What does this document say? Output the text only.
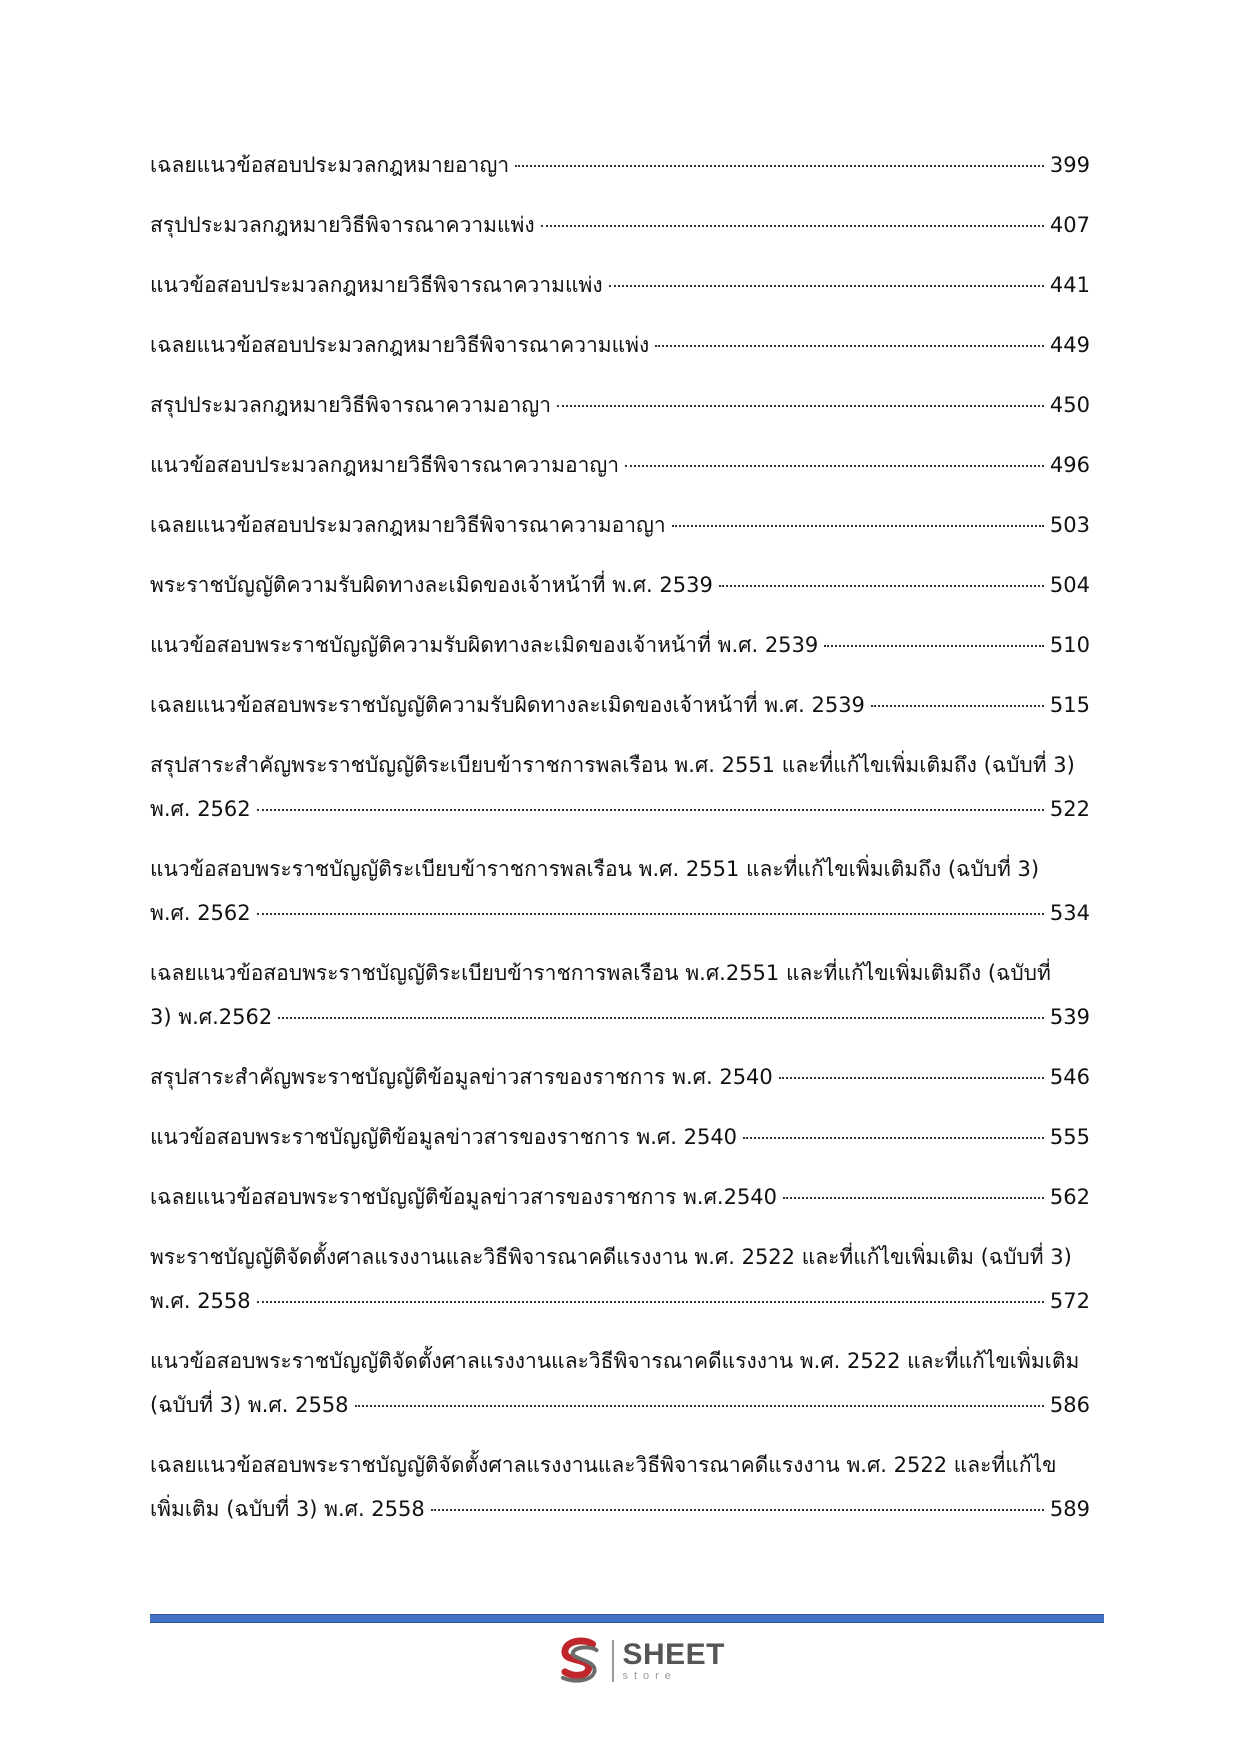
เฉลยแนวข้อสอบประมวลกฎหมายอาญา	399
สรุปประมวลกฎหมายวิธีพิจารณาความแพ่ง	407
แนวข้อสอบประมวลกฎหมายวิธีพิจารณาความแพ่ง	441
เฉลยแนวข้อสอบประมวลกฎหมายวิธีพิจารณาความแพ่ง	449
สรุปประมวลกฎหมายวิธีพิจารณาความอาญา	450
แนวข้อสอบประมวลกฎหมายวิธีพิจารณาความอาญา	496
เฉลยแนวข้อสอบประมวลกฎหมายวิธีพิจารณาความอาญา	503
พระราชบัญญัติความรับผิดทางละเมิดของเจ้าหน้าที่ พ.ศ. 2539	504
แนวข้อสอบพระราชบัญญัติความรับผิดทางละเมิดของเจ้าหน้าที่ พ.ศ. 2539	510
เฉลยแนวข้อสอบพระราชบัญญัติความรับผิดทางละเมิดของเจ้าหน้าที่ พ.ศ. 2539	515
สรุปสาระสำคัญพระราชบัญญัติระเบียบข้าราชการพลเรือน พ.ศ. 2551 และที่แก้ไขเพิ่มเติมถึง (ฉบับที่ 3)
พ.ศ. 2562	522
แนวข้อสอบพระราชบัญญัติระเบียบข้าราชการพลเรือน พ.ศ. 2551 และที่แก้ไขเพิ่มเติมถึง (ฉบับที่ 3)
พ.ศ. 2562	534
เฉลยแนวข้อสอบพระราชบัญญัติระเบียบข้าราชการพลเรือน พ.ศ.2551 และที่แก้ไขเพิ่มเติมถึง (ฉบับที่
3) พ.ศ.2562	539
สรุปสาระสำคัญพระราชบัญญัติข้อมูลข่าวสารของราชการ พ.ศ. 2540	546
แนวข้อสอบพระราชบัญญัติข้อมูลข่าวสารของราชการ พ.ศ. 2540	555
เฉลยแนวข้อสอบพระราชบัญญัติข้อมูลข่าวสารของราชการ พ.ศ.2540	562
พระราชบัญญัติจัดตั้งศาลแรงงานและวิธีพิจารณาคดีแรงงาน พ.ศ. 2522 และที่แก้ไขเพิ่มเติม (ฉบับที่ 3)
พ.ศ. 2558	572
แนวข้อสอบพระราชบัญญัติจัดตั้งศาลแรงงานและวิธีพิจารณาคดีแรงงาน พ.ศ. 2522 และที่แก้ไขเพิ่มเติม
(ฉบับที่ 3) พ.ศ. 2558	586
เฉลยแนวข้อสอบพระราชบัญญัติจัดตั้งศาลแรงงานและวิธีพิจารณาคดีแรงงาน พ.ศ. 2522 และที่แก้ไข
เพิ่มเติม (ฉบับที่ 3) พ.ศ. 2558	589
SHEET
store
